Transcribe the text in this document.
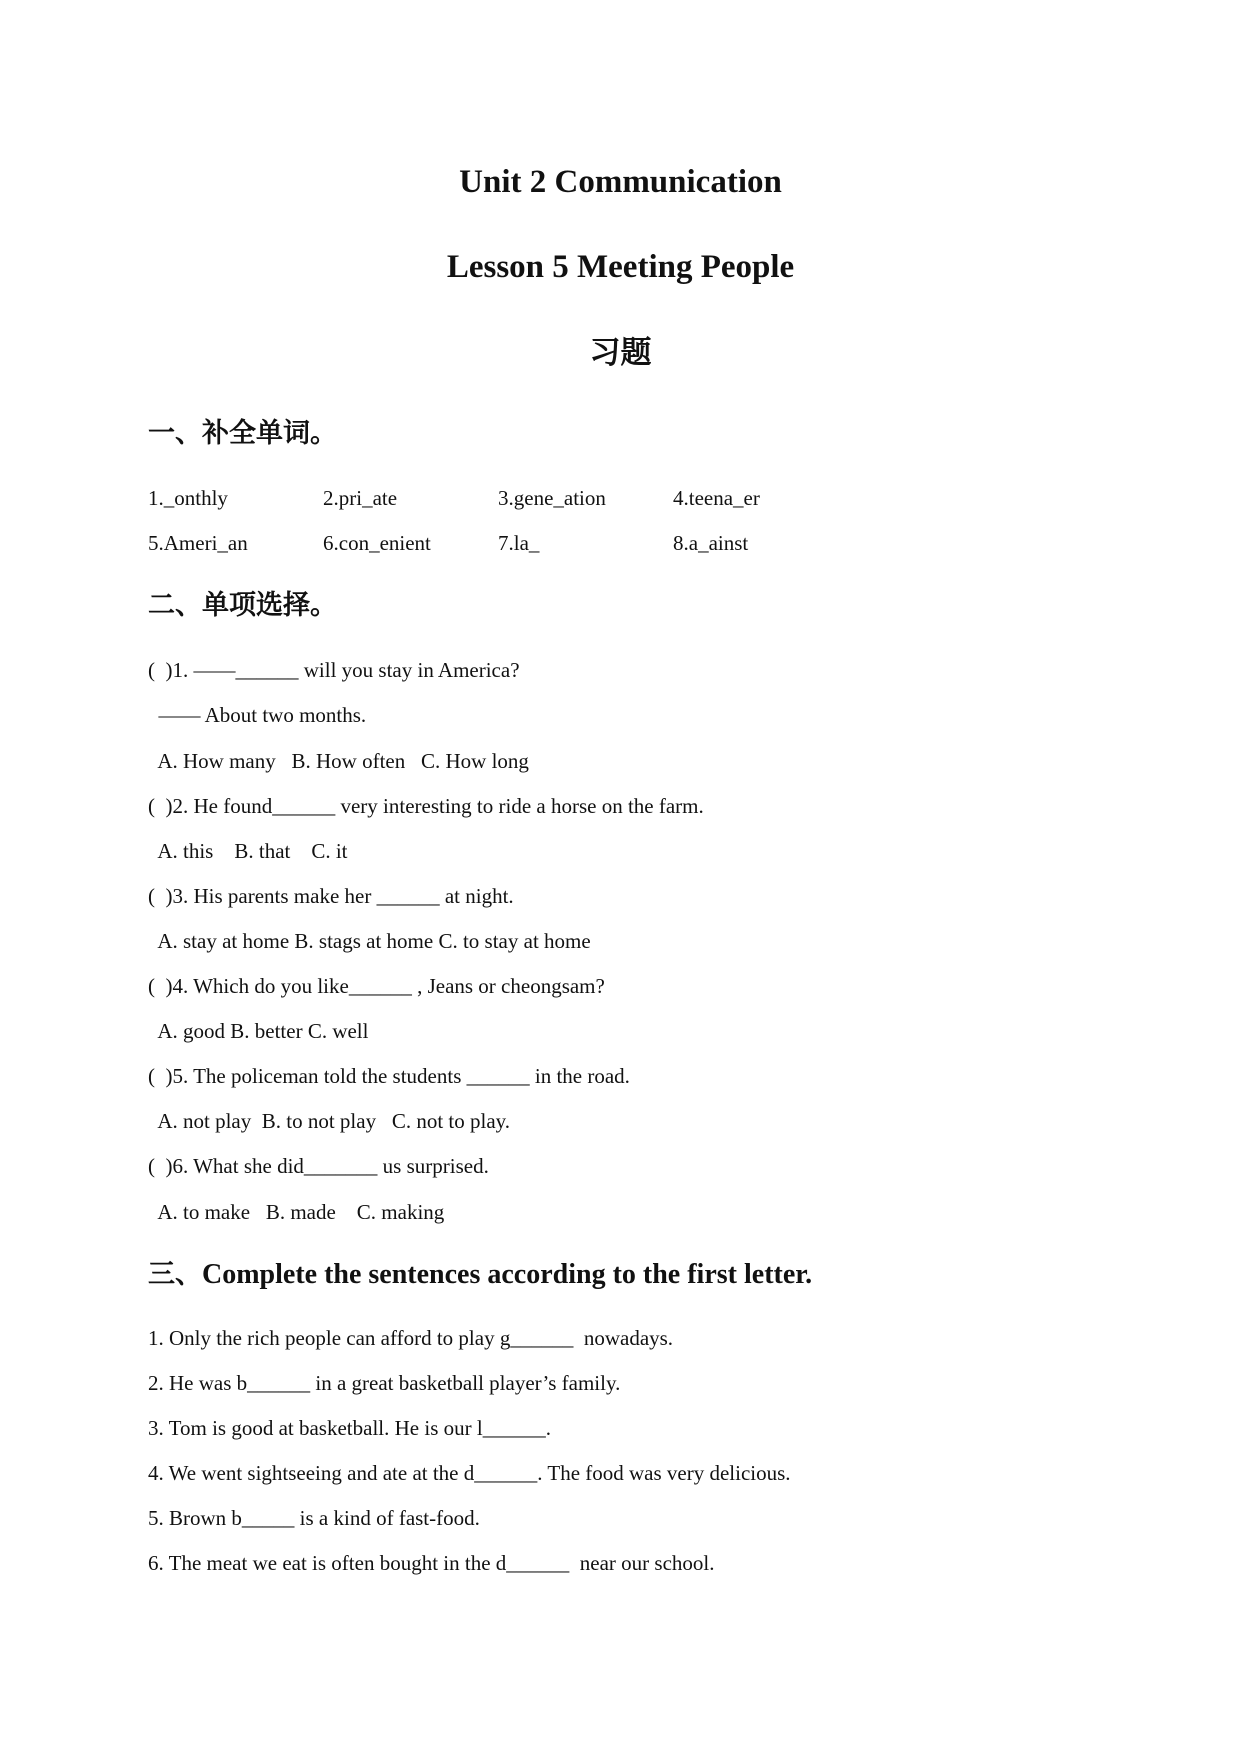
Unit 2 Communication
Lesson 5 Meeting People
习题
一、补全单词。
1._onthly	2.pri_ate	3.gene_ation	4.teena_er
5.Ameri_an	6.con_enient	7.la_	8.a_ainst
二、单项选择。
(  )1. ——______ will you stay in America?
—— About two months.
A. How many   B. How often   C. How long
(  )2. He found______ very interesting to ride a horse on the farm.
A. this    B. that    C. it
(  )3. His parents make her ______ at night.
A. stay at home B. stags at home C. to stay at home
(  )4. Which do you like______ , Jeans or cheongsam?
A. good B. better C. well
(  )5. The policeman told the students ______ in the road.
A. not play  B. to not play   C. not to play.
(  )6. What she did_______ us surprised.
A. to make   B. made    C. making
三、Complete the sentences according to the first letter.
1. Only the rich people can afford to play g______  nowadays.
2. He was b______ in a great basketball player’s family.
3. Tom is good at basketball. He is our l______.
4. We went sightseeing and ate at the d______. The food was very delicious.
5. Brown b_____ is a kind of fast-food.
6. The meat we eat is often bought in the d______  near our school.
